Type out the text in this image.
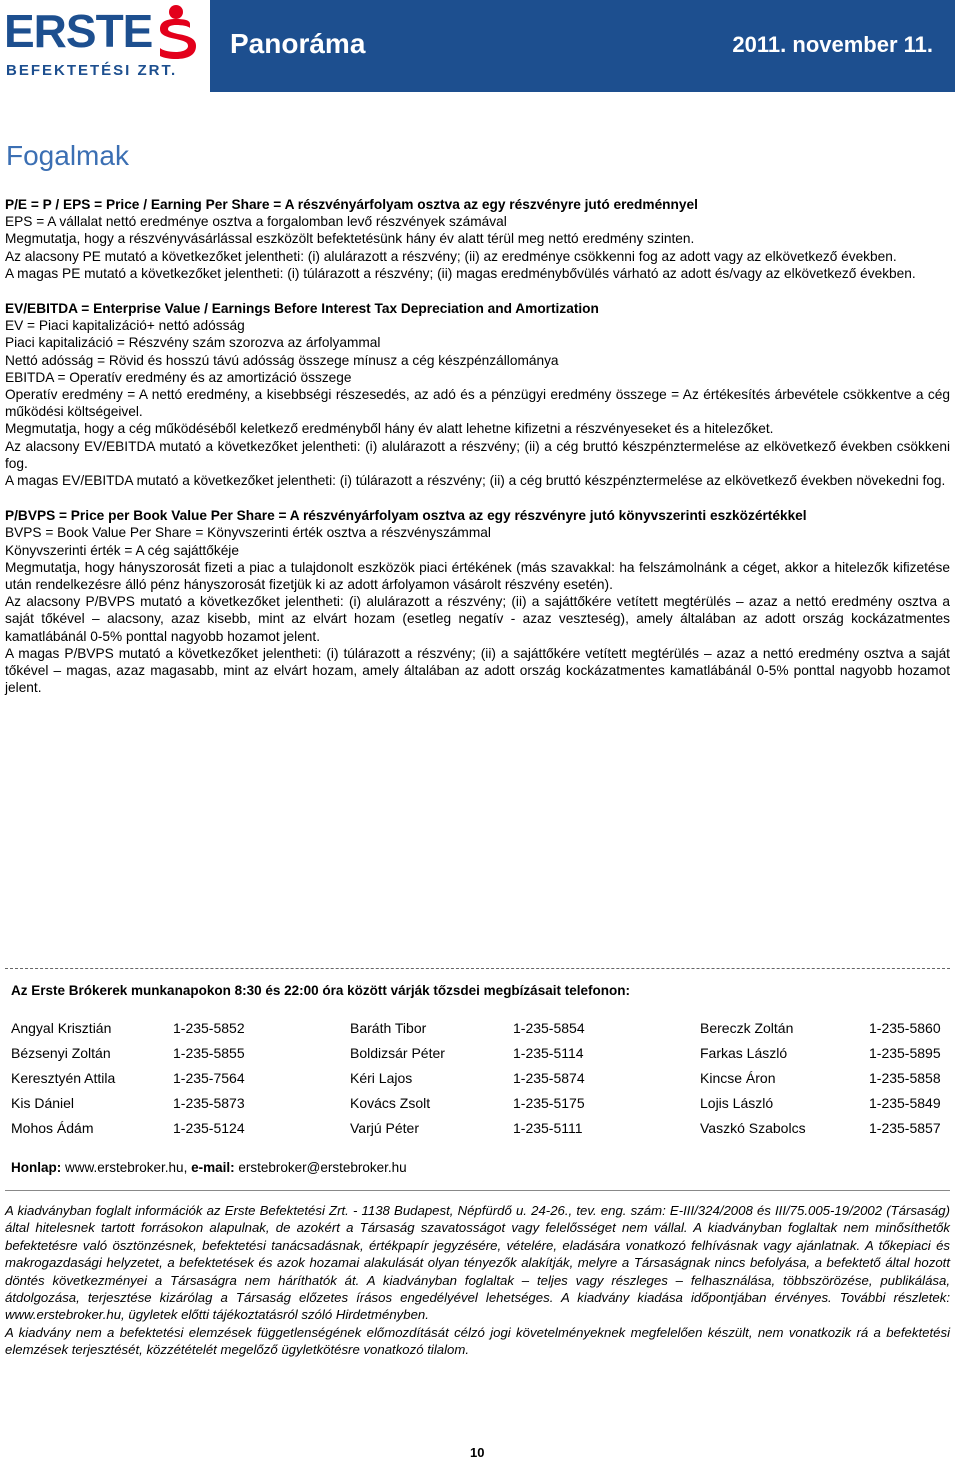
ERSTE
BEFEKTETÉSI ZRT.
Panoráma	2011. november 11.
Fogalmak

P/E = P / EPS = Price / Earning Per Share = A részvényárfolyam osztva az egy részvényre jutó eredménnyel

EPS = A vállalat nettó eredménye osztva a forgalomban levő részvények számával

Megmutatja, hogy a részvényvásárlással eszközölt befektetésünk hány év alatt térül meg nettó eredmény szinten.

Az alacsony PE mutató a következőket jelentheti: (i) alulárazott a részvény; (ii) az eredménye csökkenni fog az adott vagy az elkövetkező években.

A magas PE mutató a következőket jelentheti: (i) túlárazott a részvény; (ii) magas eredménybővülés várható az adott és/vagy az elkövetkező években.

EV/EBITDA = Enterprise Value / Earnings Before Interest Tax Depreciation and Amortization

EV = Piaci kapitalizáció+ nettó adósság

Piaci kapitalizáció = Részvény szám szorozva az árfolyammal

Nettó adósság = Rövid és hosszú távú adósság összege mínusz a cég készpénzállománya

EBITDA = Operatív eredmény és az amortizáció összege

Operatív eredmény = A nettó eredmény, a kisebbségi részesedés, az adó és a pénzügyi eredmény összege = Az értékesítés árbevétele csökkentve a cég működési költségeivel.

Megmutatja, hogy a cég működéséből keletkező eredményből hány év alatt lehetne kifizetni a részvényeseket és a hitelezőket.

Az alacsony EV/EBITDA mutató a következőket jelentheti: (i) alulárazott a részvény; (ii) a cég bruttó készpénztermelése az elkövetkező években csökkeni fog.

A magas EV/EBITDA mutató a következőket jelentheti: (i) túlárazott a részvény; (ii) a cég bruttó készpénztermelése az elkövetkező években növekedni fog.

P/BVPS = Price per Book Value Per Share = A részvényárfolyam osztva az egy részvényre jutó könyvszerinti eszközértékkel

BVPS = Book Value Per Share = Könyvszerinti érték osztva a részvényszámmal

Könyvszerinti érték = A cég sajáttőkéje

Megmutatja, hogy hányszorosát fizeti a piac a tulajdonolt eszközök piaci értékének (más szavakkal: ha felszámolnánk a céget, akkor a hitelezők kifizetése után rendelkezésre álló pénz hányszorosát fizetjük ki az adott árfolyamon vásárolt részvény esetén).

Az alacsony P/BVPS mutató a következőket jelentheti: (i) alulárazott a részvény; (ii) a sajáttőkére vetített megtérülés – azaz a nettó eredmény osztva a saját tőkével – alacsony, azaz kisebb, mint az elvárt hozam (esetleg negatív - azaz veszteség), amely általában az adott ország kockázatmentes kamatlábánál 0-5% ponttal nagyobb hozamot jelent.

A magas P/BVPS mutató a következőket jelentheti: (i) túlárazott a részvény; (ii) a sajáttőkére vetített megtérülés – azaz a nettó eredmény osztva a saját tőkével – magas, azaz magasabb, mint az elvárt hozam, amely általában az adott ország kockázatmentes kamatlábánál 0-5% ponttal nagyobb hozamot jelent.

Az Erste Brókerek munkanapokon 8:30 és 22:00 óra között várják tőzsdei megbízásait telefonon:
Angyal Krisztián	1-235-5852	Baráth Tibor	1-235-5854	Bereczk Zoltán	1-235-5860
Bézsenyi Zoltán	1-235-5855	Boldizsár Péter	1-235-5114	Farkas László	1-235-5895
Keresztyén Attila	1-235-7564	Kéri Lajos	1-235-5874	Kincse Áron	1-235-5858
Kis Dániel	1-235-5873	Kovács Zsolt	1-235-5175	Lojis László	1-235-5849
Mohos Ádám	1-235-5124	Varjú Péter	1-235-5111	Vaszkó Szabolcs	1-235-5857
Honlap: www.erstebroker.hu, e-mail: erstebroker@erstebroker.hu

A kiadványban foglalt információk az Erste Befektetési Zrt. - 1138 Budapest, Népfürdő u. 24-26., tev. eng. szám: E-III/324/2008 és III/75.005-19/2002 (Társaság) által hitelesnek tartott forrásokon alapulnak, de azokért a Társaság szavatosságot vagy felelősséget nem vállal. A kiadványban foglaltak nem minősíthetők befektetésre való ösztönzésnek, befektetési tanácsadásnak, értékpapír jegyzésére, vételére, eladására vonatkozó felhívásnak vagy ajánlatnak. A tőkepiaci és makrogazdasági helyzetet, a befektetések és azok hozamai alakulását olyan tényezők alakítják, melyre a Társaságnak nincs befolyása, a befektető által hozott döntés következményei a Társaságra nem háríthatók át. A kiadványban foglaltak – teljes vagy részleges – felhasználása, többszörözése, publikálása, átdolgozása, terjesztése kizárólag a Társaság előzetes írásos engedélyével lehetséges. A kiadvány kiadása időpontjában érvényes. További részletek: www.erstebroker.hu, ügyletek előtti tájékoztatásról szóló Hirdetményben.

A kiadvány nem a befektetési elemzések függetlenségének előmozdítását célzó jogi követelményeknek megfelelően készült, nem vonatkozik rá a befektetési elemzések terjesztését, közzétételét megelőző ügyletkötésre vonatkozó tilalom.

10
